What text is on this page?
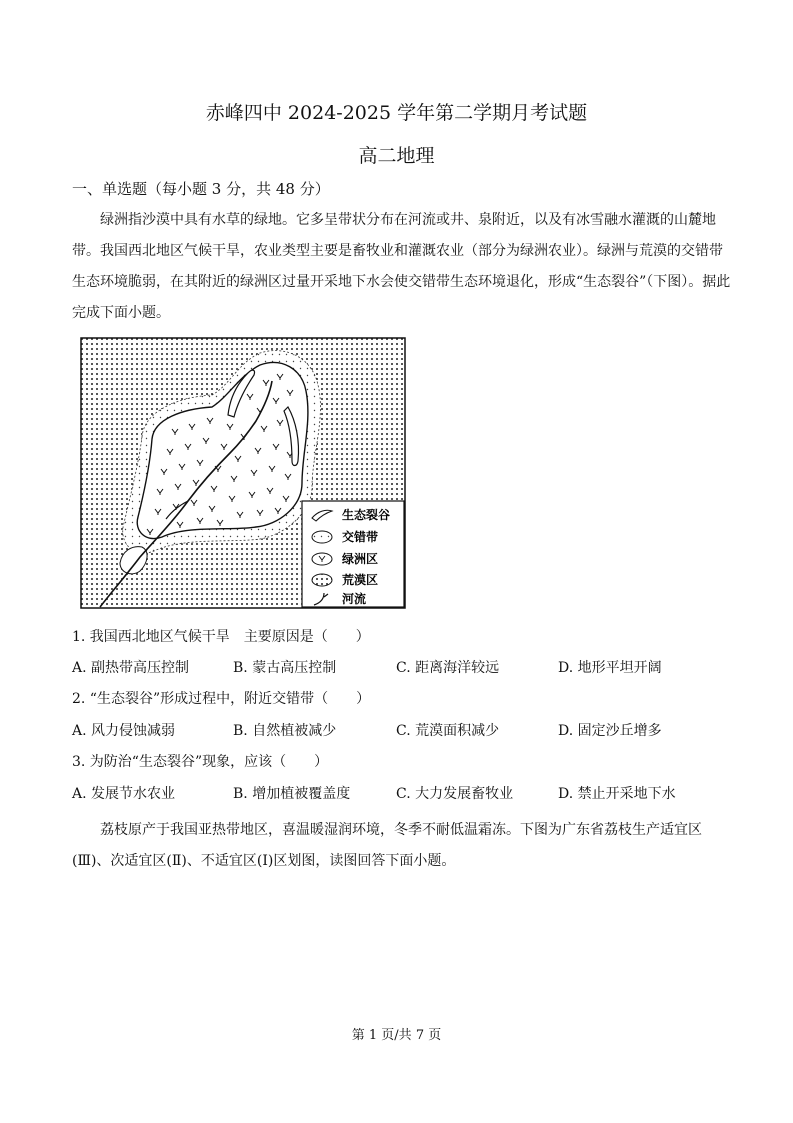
赤峰四中 2024-2025 学年第二学期月考试题
高二地理
一、单选题（每小题 3 分，共 48 分）
绿洲指沙漠中具有水草的绿地。它多呈带状分布在河流或井、泉附近，以及有冰雪融水灌溉的山麓地带。我国西北地区气候干旱，农业类型主要是畜牧业和灌溉农业（部分为绿洲农业）。绿洲与荒漠的交错带生态环境脆弱，在其附近的绿洲区过量开采地下水会使交错带生态环境退化，形成“生态裂谷”（下图）。据此完成下面小题。
生态裂谷
交错带
绿洲区
荒漠区
河流
1. 我国西北地区气候干旱　主要原因是（　　）
A. 副热带高压控制	B. 蒙古高压控制	C. 距离海洋较远	D. 地形平坦开阔
2. “生态裂谷”形成过程中，附近交错带（　　）
A. 风力侵蚀减弱	B. 自然植被减少	C. 荒漠面积减少	D. 固定沙丘增多
3. 为防治“生态裂谷”现象，应该（　　）
A. 发展节水农业	B. 增加植被覆盖度	C. 大力发展畜牧业	D. 禁止开采地下水
荔枝原产于我国亚热带地区，喜温暖湿润环境，冬季不耐低温霜冻。下图为广东省荔枝生产适宜区(Ⅲ)、次适宜区(Ⅱ)、不适宜区(Ⅰ)区划图，读图回答下面小题。
第 1 页/共 7 页
